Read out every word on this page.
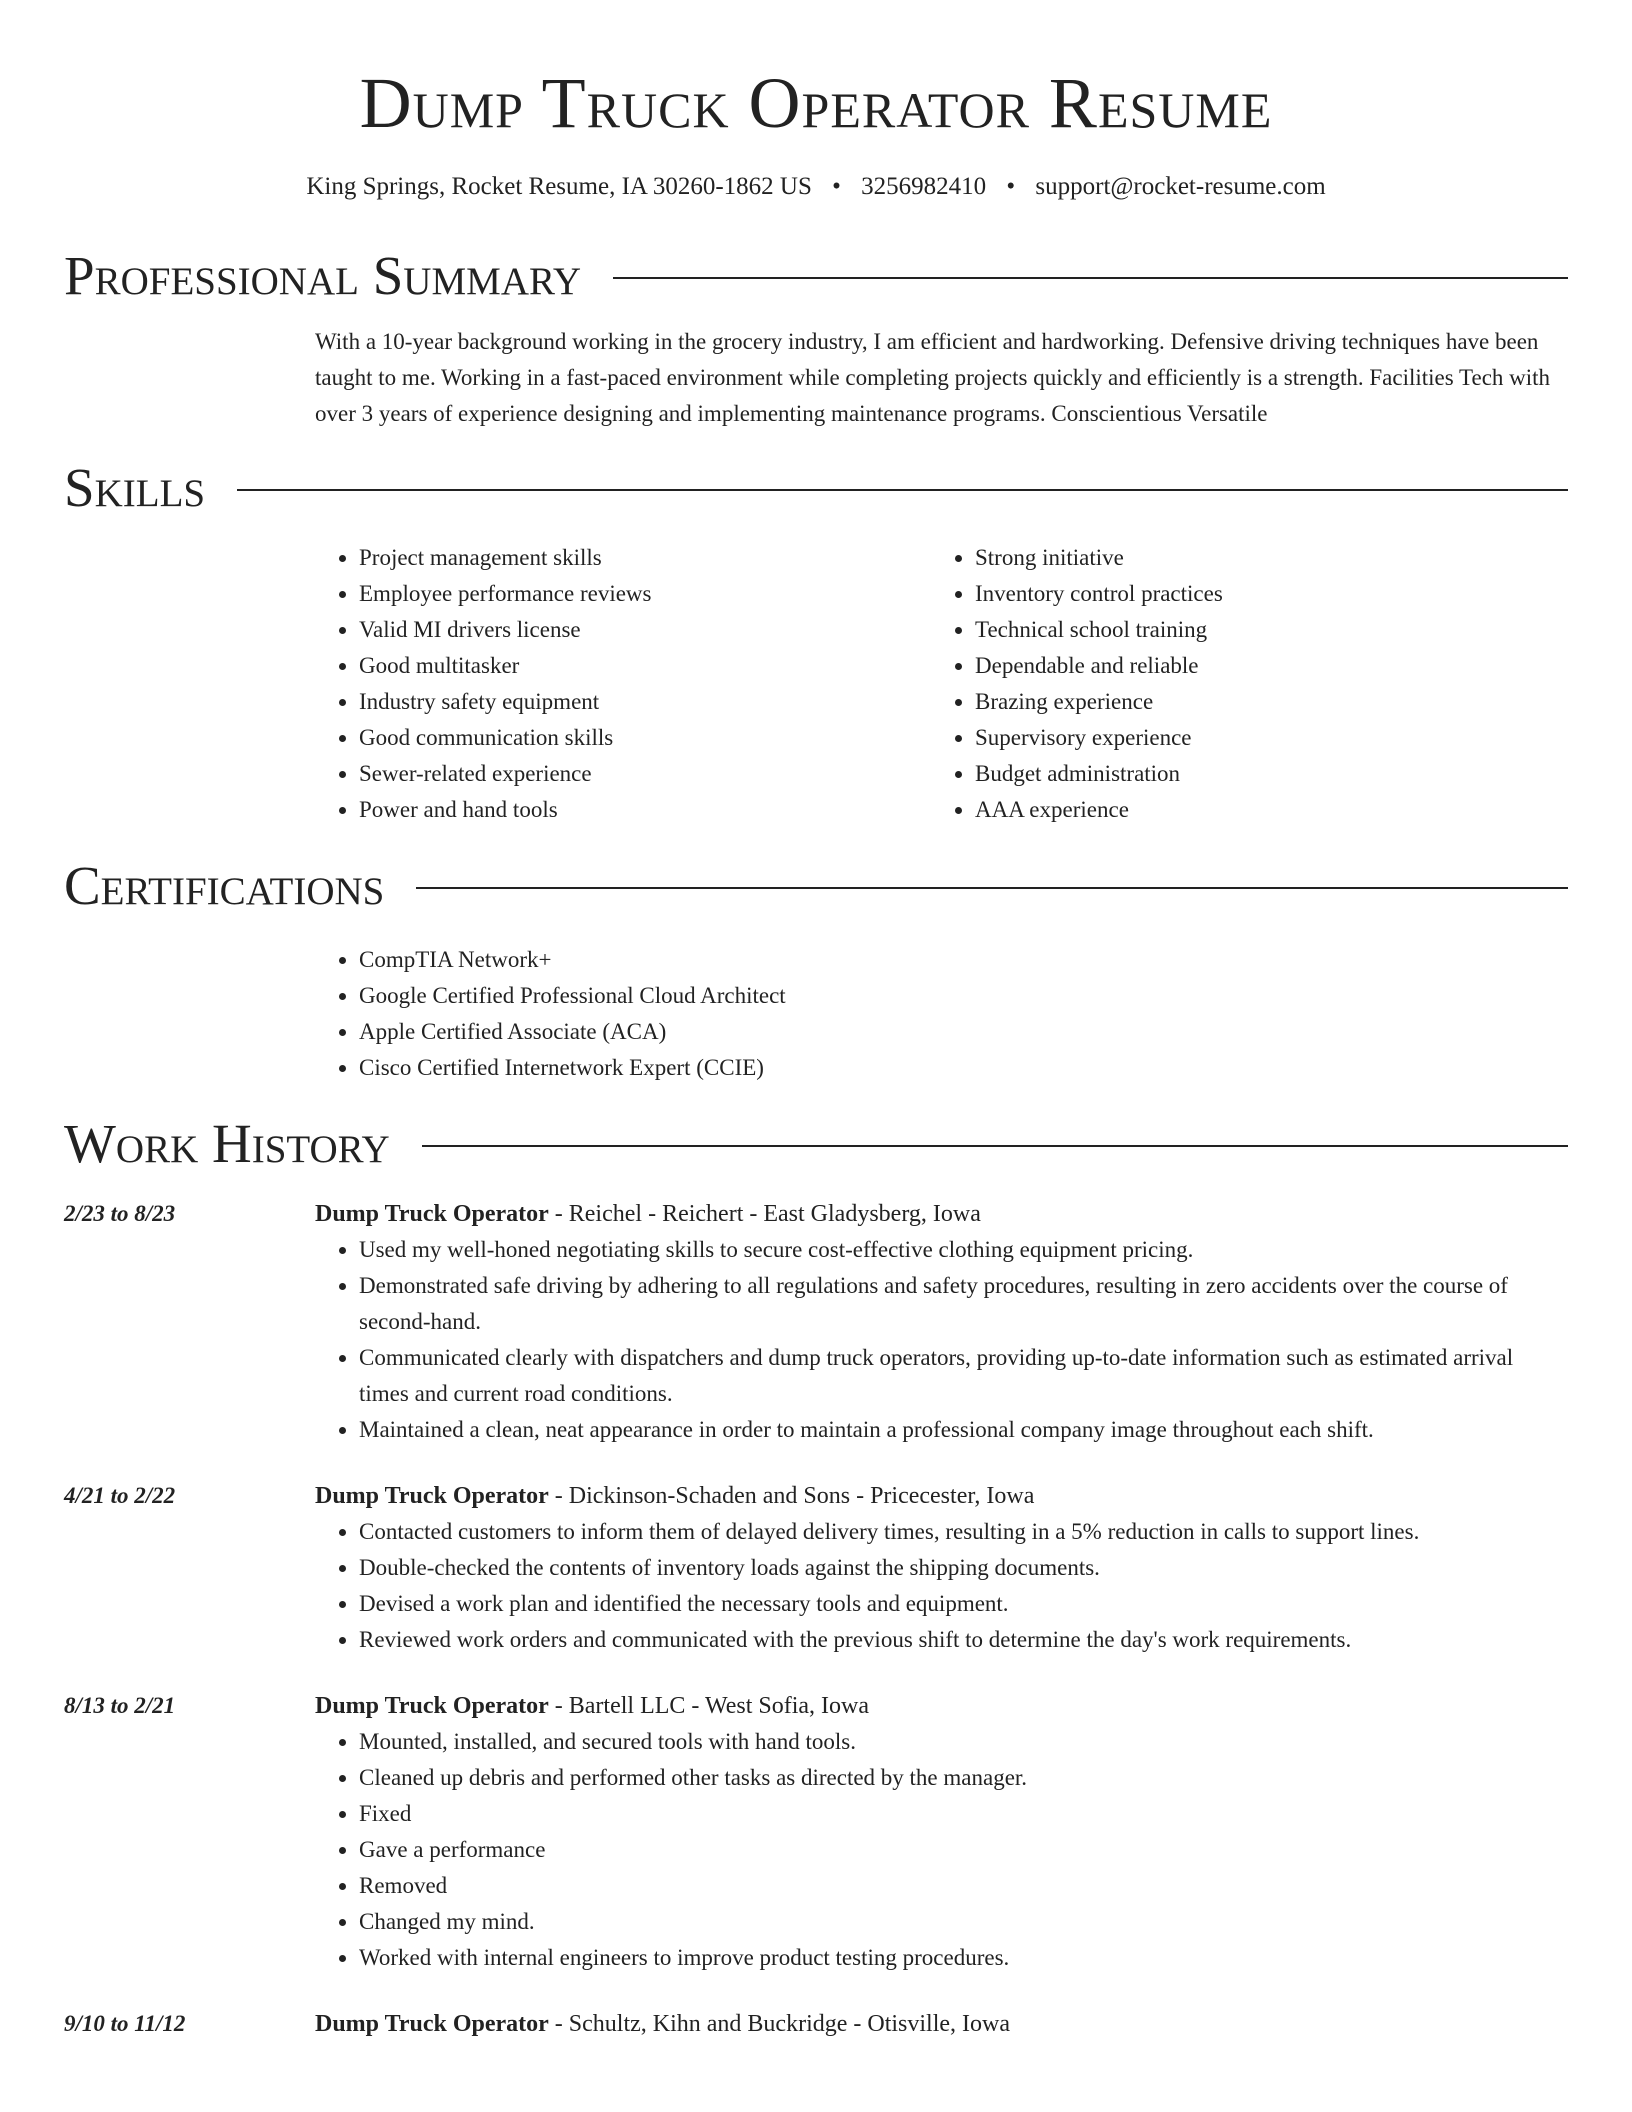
Dump Truck Operator Resume
King Springs, Rocket Resume, IA 30260-1862 US • 3256982410 • support@rocket-resume.com
Professional Summary

With a 10-year background working in the grocery industry, I am efficient and hardworking. Defensive driving techniques have been taught to me. Working in a fast-paced environment while completing projects quickly and efficiently is a strength. Facilities Tech with over 3 years of experience designing and implementing maintenance programs. Conscientious Versatile

Skills
• Project management skills
• Employee performance reviews
• Valid MI drivers license
• Good multitasker
• Industry safety equipment
• Good communication skills
• Sewer-related experience
• Power and hand tools
• Strong initiative
• Inventory control practices
• Technical school training
• Dependable and reliable
• Brazing experience
• Supervisory experience
• Budget administration
• AAA experience
Certifications
• CompTIA Network+
• Google Certified Professional Cloud Architect
• Apple Certified Associate (ACA)
• Cisco Certified Internetwork Expert (CCIE)
Work History
2/23 to 8/23	Dump Truck Operator - Reichel - Reichert - East Gladysberg, Iowa
• Used my well-honed negotiating skills to secure cost-effective clothing equipment pricing.
• Demonstrated safe driving by adhering to all regulations and safety procedures, resulting in zero accidents over the course of second-hand.
• Communicated clearly with dispatchers and dump truck operators, providing up-to-date information such as estimated arrival times and current road conditions.
• Maintained a clean, neat appearance in order to maintain a professional company image throughout each shift.
4/21 to 2/22	Dump Truck Operator - Dickinson-Schaden and Sons - Pricecester, Iowa
• Contacted customers to inform them of delayed delivery times, resulting in a 5% reduction in calls to support lines.
• Double-checked the contents of inventory loads against the shipping documents.
• Devised a work plan and identified the necessary tools and equipment.
• Reviewed work orders and communicated with the previous shift to determine the day's work requirements.
8/13 to 2/21	Dump Truck Operator - Bartell LLC - West Sofia, Iowa
• Mounted, installed, and secured tools with hand tools.
• Cleaned up debris and performed other tasks as directed by the manager.
• Fixed
• Gave a performance
• Removed
• Changed my mind.
• Worked with internal engineers to improve product testing procedures.
9/10 to 11/12	Dump Truck Operator - Schultz, Kihn and Buckridge - Otisville, Iowa
